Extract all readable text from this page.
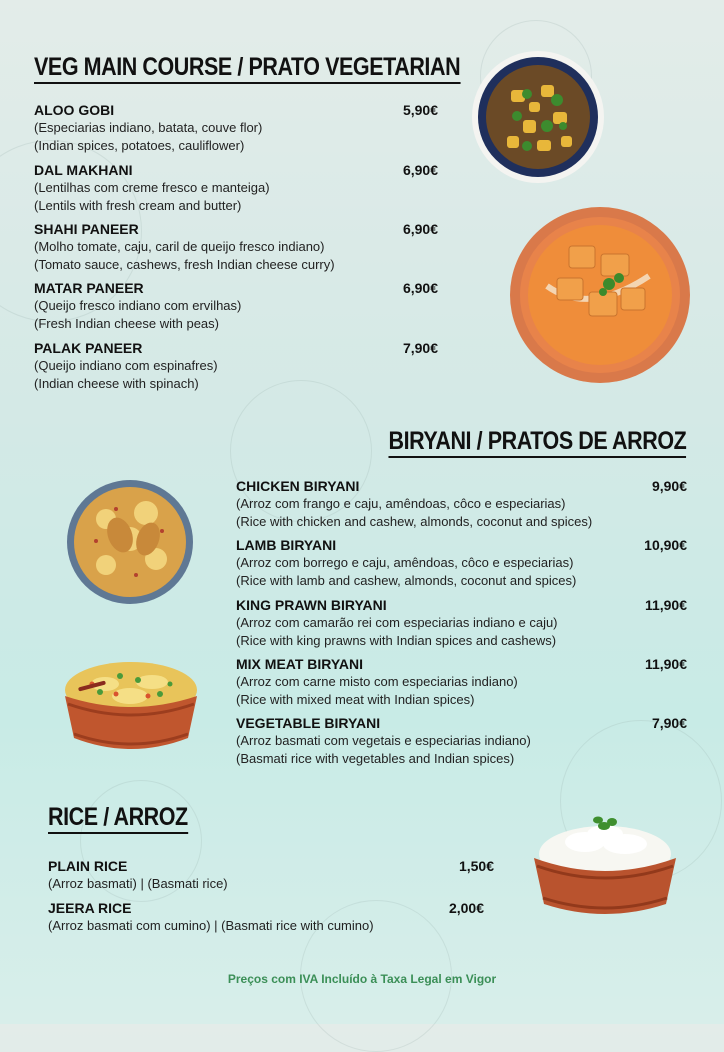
VEG MAIN COURSE / PRATO VEGETARIAN
ALOO GOBI	5,90€
(Especiarias indiano, batata, couve flor)
(Indian spices, potatoes, cauliflower)
DAL MAKHANI	6,90€
(Lentilhas com creme fresco e manteiga)
(Lentils with fresh cream and butter)
SHAHI PANEER	6,90€
(Molho tomate, caju, caril de queijo fresco indiano)
(Tomato sauce, cashews, fresh Indian cheese curry)
MATAR PANEER	6,90€
(Queijo fresco indiano com ervilhas)
(Fresh Indian cheese with peas)
PALAK PANEER	7,90€
(Queijo indiano com espinafres)
(Indian cheese with spinach)
BIRYANI / PRATOS DE ARROZ
CHICKEN BIRYANI	9,90€
(Arroz com frango e caju, amêndoas, côco e especiarias)
(Rice with chicken and cashew, almonds, coconut and spices)
LAMB BIRYANI	10,90€
(Arroz com borrego e caju, amêndoas, côco e especiarias)
(Rice with lamb and cashew, almonds, coconut and spices)
KING PRAWN BIRYANI	11,90€
(Arroz com camarão rei com especiarias indiano e caju)
(Rice with king prawns with Indian spices and cashews)
MIX MEAT BIRYANI	11,90€
(Arroz com carne misto com especiarias indiano)
(Rice with mixed meat with Indian spices)
VEGETABLE BIRYANI	7,90€
(Arroz basmati com vegetais e especiarias indiano)
(Basmati rice with vegetables and Indian spices)
RICE / ARROZ
PLAIN RICE	1,50€
(Arroz basmati) | (Basmati rice)
JEERA RICE	2,00€
(Arroz basmati com cumino) | (Basmati rice with cumino)
Preços com IVA Incluído à Taxa Legal em Vigor
